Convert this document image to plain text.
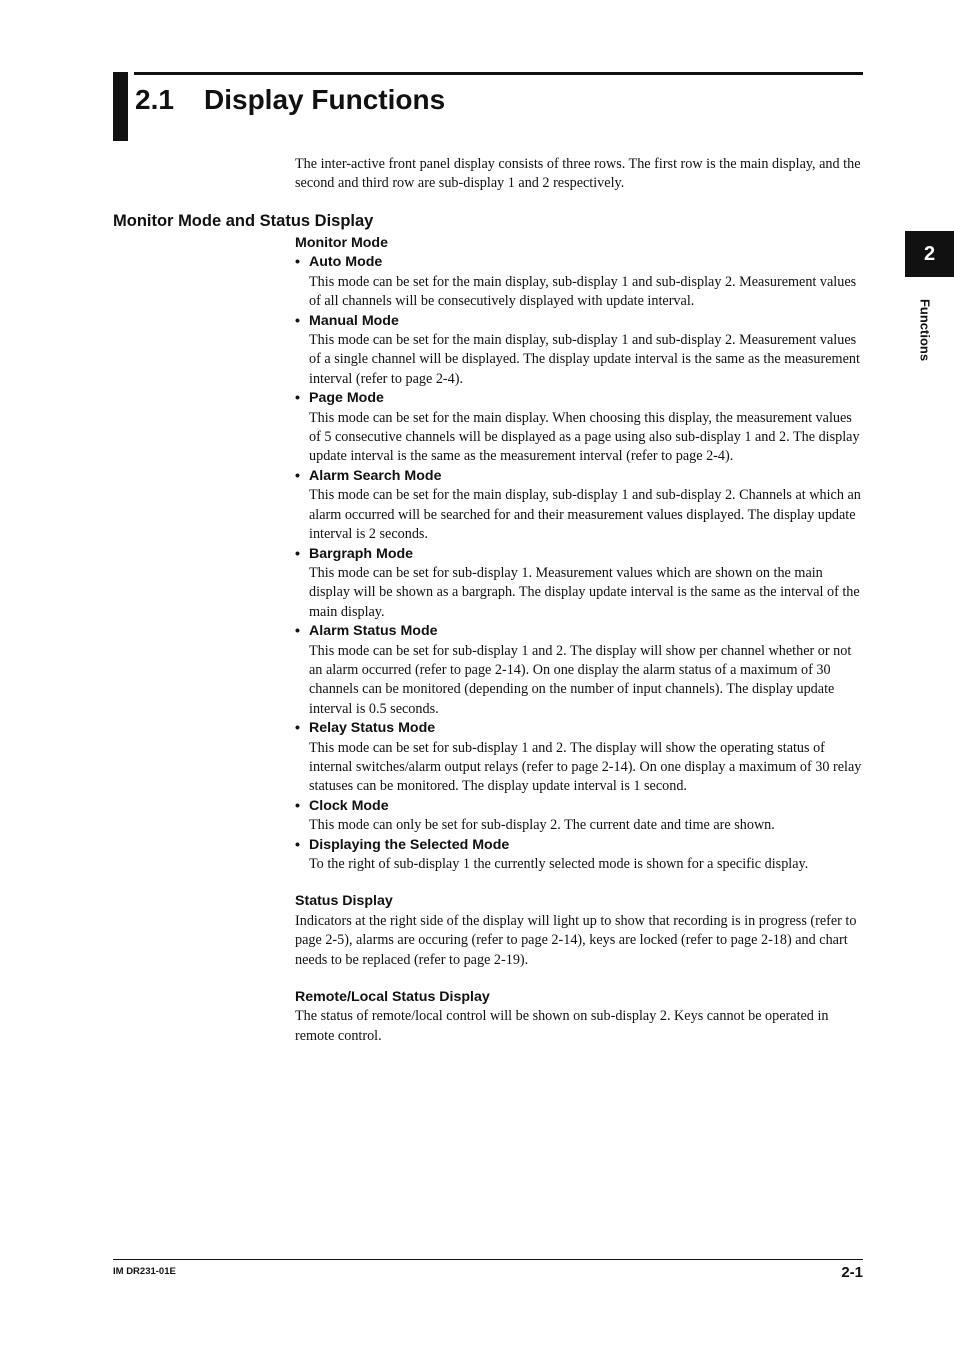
2.1 Display Functions
2
Functions
The inter-active front panel display consists of three rows. The first row is the main display, and the second and third row are sub-display 1 and 2 respectively.
Monitor Mode and Status Display
Monitor Mode
• Auto Mode
This mode can be set for the main display, sub-display 1 and sub-display 2. Measurement values of all channels will be consecutively displayed with update interval.
• Manual Mode
This mode can be set for the main display, sub-display 1 and sub-display 2. Measurement values of a single channel will be displayed. The display update interval is the same as the measurement interval (refer to page 2-4).
• Page Mode
This mode can be set for the main display. When choosing this display, the measurement values of 5 consecutive channels will be displayed as a page using also sub-display 1 and 2. The display update interval is the same as the measurement interval (refer to page 2-4).
• Alarm Search Mode
This mode can be set for the main display, sub-display 1 and sub-display 2. Channels at which an alarm occurred will be searched for and their measurement values displayed. The display update interval is 2 seconds.
• Bargraph Mode
This mode can be set for sub-display 1. Measurement values which are shown on the main display will be shown as a bargraph. The display update interval is the same as the interval of the main display.
• Alarm Status Mode
This mode can be set for sub-display 1 and 2. The display will show per channel whether or not an alarm occurred (refer to page 2-14). On one display the alarm status of a maximum of 30 channels can be monitored (depending on the number of input channels). The display update interval is 0.5 seconds.
• Relay Status Mode
This mode can be set for sub-display 1 and 2. The display will show the operating status of internal switches/alarm output relays (refer to page 2-14). On one display a maximum of 30 relay statuses can be monitored. The display update interval is 1 second.
• Clock Mode
This mode can only be set for sub-display 2. The current date and time are shown.
• Displaying the Selected Mode
To the right of sub-display 1 the currently selected mode is shown for a specific display.
Status Display
Indicators at the right side of the display will light up to show that recording is in progress (refer to page 2-5), alarms are occuring (refer to page 2-14), keys are locked (refer to page 2-18) and chart needs to be replaced (refer to page 2-19).
Remote/Local Status Display
The status of remote/local control will be shown on sub-display 2. Keys cannot be operated in remote control.
IM DR231-01E	2-1
